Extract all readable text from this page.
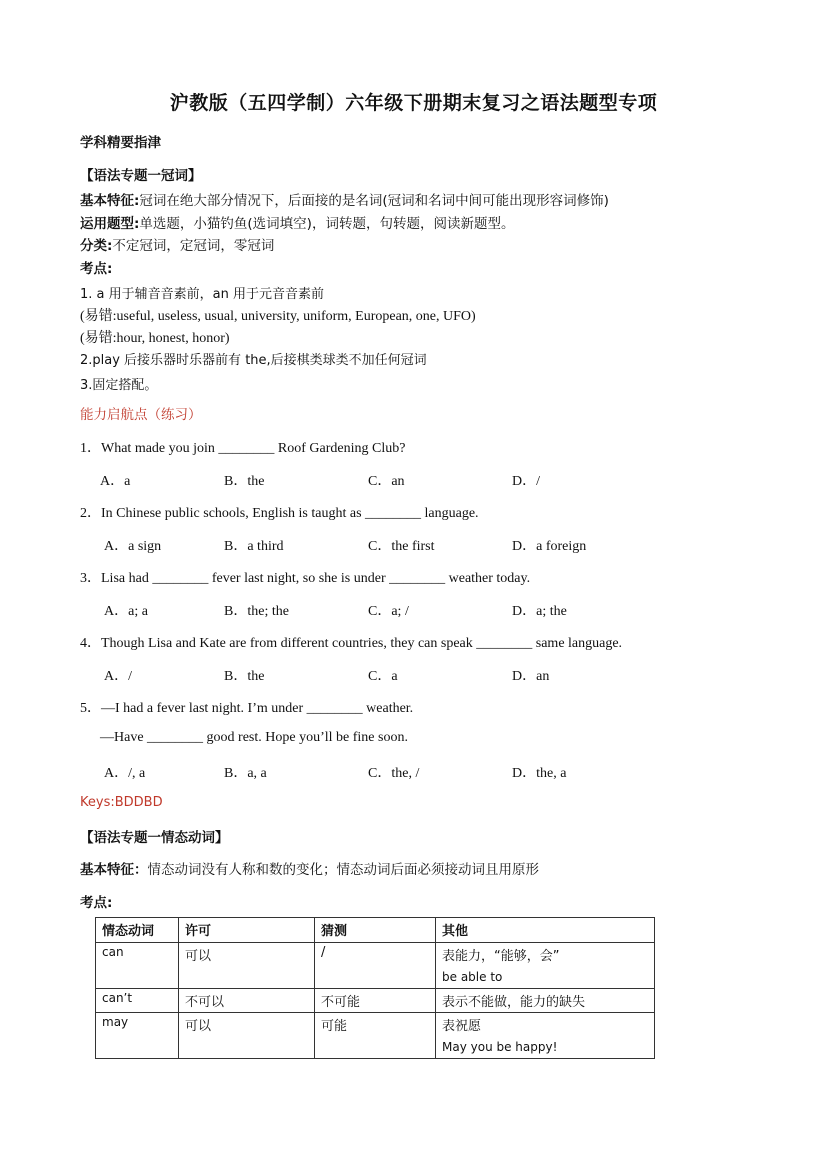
沪教版（五四学制）六年级下册期末复习之语法题型专项
学科精要指津
【语法专题一冠词】
基本特征:冠词在绝大部分情况下，后面接的是名词(冠词和名词中间可能出现形容词修饰)
运用题型:单选题，小猫钓鱼(选词填空)，词转题，句转题，阅读新题型。
分类:不定冠词，定冠词，零冠词
考点:
1. a 用于辅音音素前，an 用于元音音素前
(易错:useful, useless, usual, university, uniform, European, one, UFO)
(易错:hour, honest, honor)
2.play 后接乐器时乐器前有 the,后接棋类球类不加任何冠词
3.固定搭配。
能力启航点（练习）
1．What made you join ________ Roof Gardening Club?
A．a	B．the	C．an	D．/
2．In Chinese public schools, English is taught as ________ language.
A．a sign	B．a third	C．the first	D．a foreign
3．Lisa had ________ fever last night, so she is under ________ weather today.
A．a; a	B．the; the	C．a; /	D．a; the
4．Though Lisa and Kate are from different countries, they can speak ________ same language.
A．/	B．the	C．a	D．an
5．—I had a fever last night. I’m under ________ weather.
—Have ________ good rest. Hope you’ll be fine soon.
A．/, a	B．a, a	C．the, /	D．the, a
Keys:BDDBD
【语法专题一情态动词】
基本特征：情态动词没有人称和数的变化；情态动词后面必须接动词且用原形
考点:
情态动词	许可	猜测	其他
can	可以	/	表能力，“能够，会”
be able to

can’t	不可以	不可能	表示不能做，能力的缺失
may	可以	可能	表祝愿
May you be happy!
